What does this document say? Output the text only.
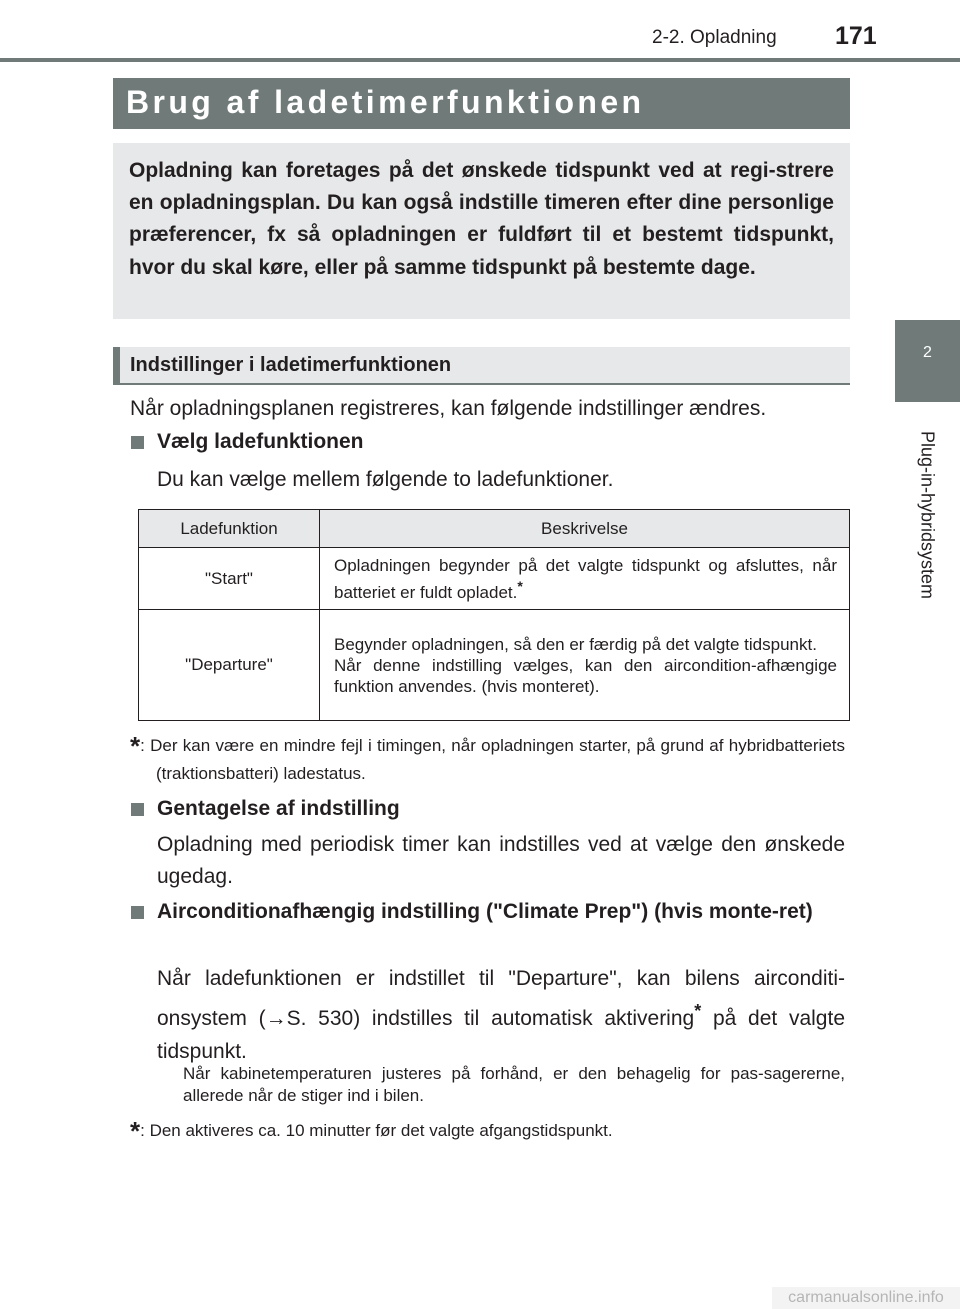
2-2. Opladning 171
2
Plug-in-hybridsystem
Brug af ladetimerfunktionen

Opladning kan foretages på det ønskede tidspunkt ved at regi-strere en opladningsplan. Du kan også indstille timeren efter dine personlige præferencer, fx så opladningen er fuldført til et bestemt tidspunkt, hvor du skal køre, eller på samme tidspunkt på bestemte dage.

Indstillinger i ladetimerfunktionen

Når opladningsplanen registreres, kan følgende indstillinger ændres.

Vælg ladefunktionen

Du kan vælge mellem følgende to ladefunktioner.

Ladefunktion	Beskrivelse
"Start"	Opladningen begynder på det valgte tidspunkt og afsluttes, når batteriet er fuldt opladet.*
"Departure"	Begynder opladningen, så den er færdig på det valgte tidspunkt.
Når denne indstilling vælges, kan den aircondition-afhængige funktion anvendes. (hvis monteret).

*: Der kan være en mindre fejl i timingen, når opladningen starter, på grund af hybridbatteriets (traktionsbatteri) ladestatus.

Gentagelse af indstilling

Opladning med periodisk timer kan indstilles ved at vælge den ønskede ugedag.

Airconditionafhængig indstilling ("Climate Prep") (hvis monte-ret)

Når ladefunktionen er indstillet til "Departure", kan bilens airconditi-onsystem (→S. 530) indstilles til automatisk aktivering* på det valgte tidspunkt.

Når kabinetemperaturen justeres på forhånd, er den behagelig for pas-sagererne, allerede når de stiger ind i bilen.

*: Den aktiveres ca. 10 minutter før det valgte afgangstidspunkt.

carmanualsonline.info
